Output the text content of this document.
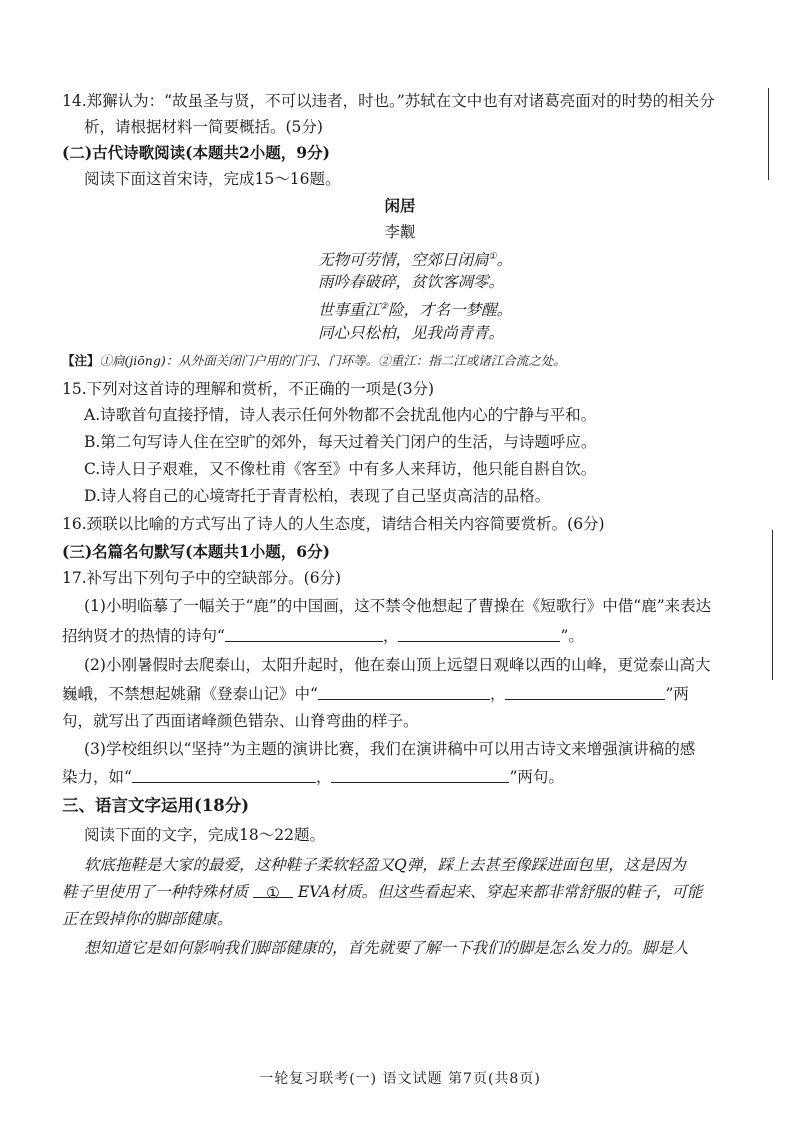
14.郑獬认为：“故虽圣与贤，不可以违者，时也。”苏轼在文中也有对诸葛亮面对的时势的相关分
析，请根据材料一简要概括。(5分)
(二)古代诗歌阅读(本题共2小题，9分)
阅读下面这首宋诗，完成15～16题。
闲居
李觏
无物可劳情，空郊日闭扃①。
雨吟春破碎，贫饮客凋零。
世事重江②险，才名一梦醒。
同心只松柏，见我尚青青。
【注】①扃(jiōng)：从外面关闭门户用的门闩、门环等。②重江：指二江或诸江合流之处。
15.下列对这首诗的理解和赏析，不正确的一项是(3分)
A.诗歌首句直接抒情，诗人表示任何外物都不会扰乱他内心的宁静与平和。
B.第二句写诗人住在空旷的郊外，每天过着关门闭户的生活，与诗题呼应。
C.诗人日子艰难，又不像杜甫《客至》中有多人来拜访，他只能自斟自饮。
D.诗人将自己的心境寄托于青青松柏，表现了自己坚贞高洁的品格。
16.颈联以比喻的方式写出了诗人的人生态度，请结合相关内容简要赏析。(6分)
(三)名篇名句默写(本题共1小题，6分)
17.补写出下列句子中的空缺部分。(6分)
(1)小明临摹了一幅关于“鹿”的中国画，这不禁令他想起了曹操在《短歌行》中借“鹿”来表达
招纳贤才的热情的诗句“	，	”。
(2)小刚暑假时去爬泰山，太阳升起时，他在泰山顶上远望日观峰以西的山峰，更觉泰山高大
巍峨，不禁想起姚鼐《登泰山记》中“	，	”两
句，就写出了西面诸峰颜色错杂、山脊弯曲的样子。
(3)学校组织以“坚持”为主题的演讲比赛，我们在演讲稿中可以用古诗文来增强演讲稿的感
染力，如“	，	”两句。
三、语言文字运用(18分)
阅读下面的文字，完成18～22题。
软底拖鞋是大家的最爱，这种鞋子柔软轻盈又Q弹，踩上去甚至像踩进面包里，这是因为
鞋子里使用了一种特殊材质 ① EVA材质。但这些看起来、穿起来都非常舒服的鞋子，可能
正在毁掉你的脚部健康。
想知道它是如何影响我们脚部健康的，首先就要了解一下我们的脚是怎么发力的。脚是人
一轮复习联考(一) 语文试题 第7页(共8页)
